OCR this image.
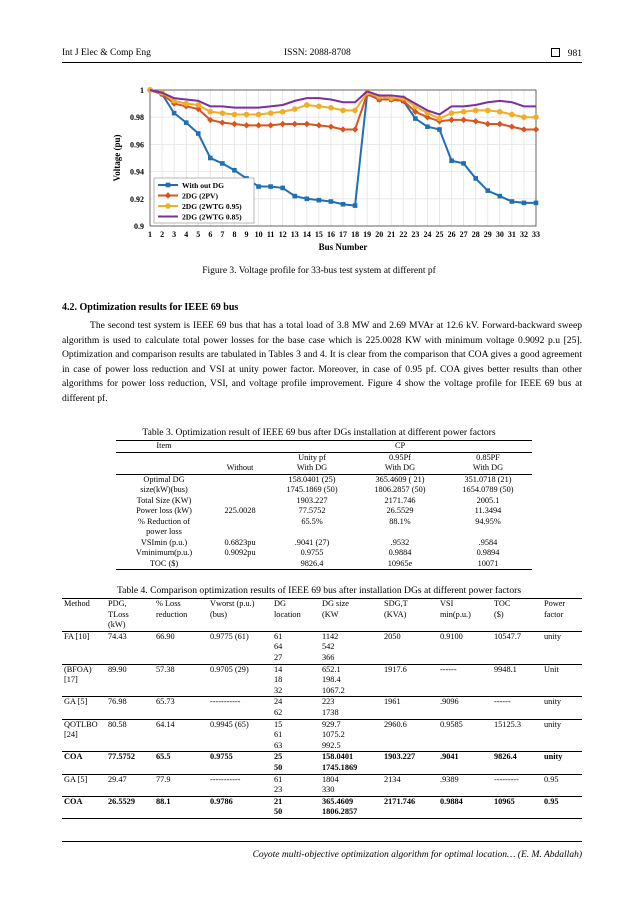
Int J Elec & Comp Eng	ISSN: 2088-8708	981
0.9
0.92
0.94
0.96
0.98
1
1 2 3 4 5 6 7 8 9 10 11 12 13 14 15 16 17 18 19 20 21 22 23 24 25 26 27 28 29 30 31 32 33
Bus Number
Voltage (pu)
With out DG
2DG (2PV)
2DG (2WTG 0.95)
2DG (2WTG 0.85)
Figure 3. Voltage profile for 33-bus test system at different pf
4.2. Optimization results for IEEE 69 bus
The second test system is IEEE 69 bus that has a total load of 3.8 MW and 2.69 MVAr at 12.6 kV. Forward-backward sweep algorithm is used to calculate total power losses for the base case which is 225.0028 KW with minimum voltage 0.9092 p.u [25]. Optimization and comparison results are tabulated in Tables 3 and 4. It is clear from the comparison that COA gives a good agreement in case of power loss reduction and VSI at unity power factor. Moreover, in case of 0.95 pf. COA gives better results than other algorithms for power loss reduction, VSI, and voltage profile improvement. Figure 4 show the voltage profile for IEEE 69 bus at different pf.
Table 3. Optimization result of IEEE 69 bus after DGs installation at different power factors
Item		CP		
		Unity pf	0.95Pf	0.85PF
	Without	With DG	With DG	With DG
Optimal DG		158.0401 (25)	365.4609 ( 21)	351.0718 (21)
size(kW)(bus)		1745.1869 (50)	1806.2857 (50)	1654.0789 (50)
Total Size (KW)		1903.227	2171.746	2005.1
Power loss (kW)	225.0028	77.5752	26.5529	11.3494
% Reduction of		65.5%	88.1%	94.95%
power loss				
VSImin (p.u.)	0.6823pu	.9041 (27)	.9532	.9584
Vminimum(p.u.)	0.9092pu	0.9755	0.9884	0.9894
TOC ($)		9826.4	10965e	10071
Table 4. Comparison optimization results of IEEE 69 bus after installation DGs at different power factors
Method	PDG,	% Loss	Vworst (p.u.)	DG	DG size	SDG,T	VSI	TOC	Power
	TLoss	reduction	(bus)	location	(KW	(KVA)	min(p.u.)	($)	factor
	(kW)								
FA [10]	74.43	66.90	0.9775 (61)	61	1142	2050	0.9100	10547.7	unity
				64	542				
				27	366				
(BFOA)	89.90	57.38	0.9705 (29)	14	652.1	1917.6	------	9948.1	Unit
[17]				18	198.4				
				32	1067.2				
GA [5]	76.98	65.73	-----------	24	223	1961	.9096	------	unity
				62	1738				
QOTLBO	80.58	64.14	0.9945 (65)	15	929.7	2960.6	0.9585	15125.3	unity
[24]				61	1075.2				
				63	992.5				
COA	77.5752	65.5	0.9755	25	158.0401	1903.227	.9041	9826.4	unity
				50	1745.1869				
GA [5]	29.47	77.9	-----------	61	1804	2134	.9389	---------	0.95
				23	330				
COA	26.5529	88.1	0.9786	21	365.4609	2171.746	0.9884	10965	0.95
				50	1806.2857				
Coyote multi-objective optimization algorithm for optimal location… (E. M. Abdallah)
